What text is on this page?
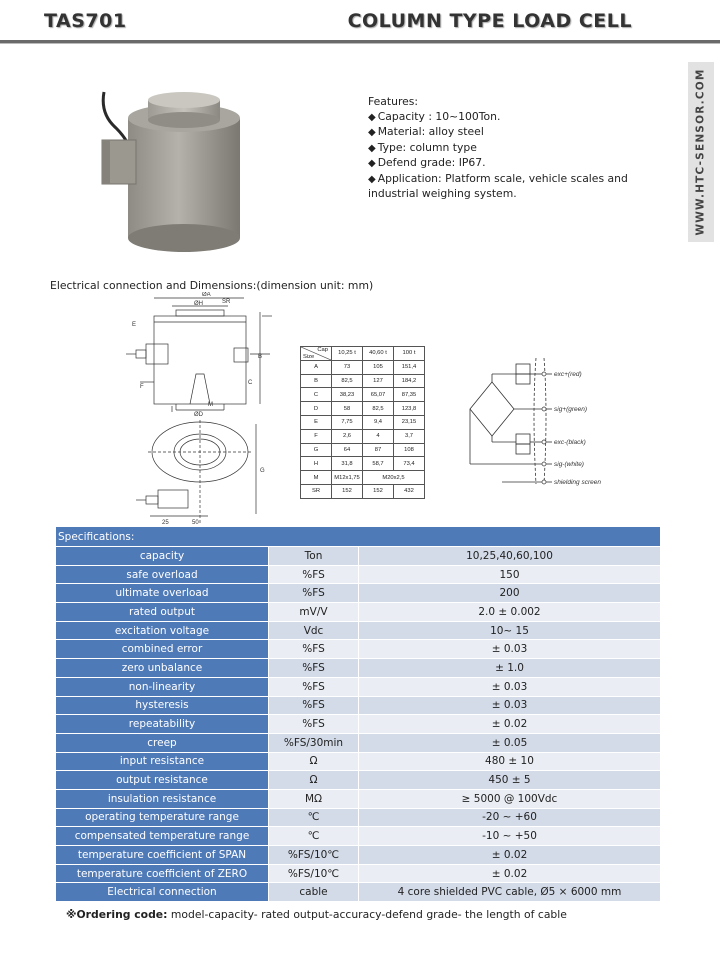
TAS701	COLUMN TYPE LOAD CELL
WWW.HTC-SENSOR.COM
Features:
◆ Capacity : 10~100Ton.
◆ Material: alloy steel
◆ Type: column type
◆ Defend grade: IP67.
◆ Application: Platform scale, vehicle scales and industrial weighing system.
Electrical connection and Dimensions:(dimension unit: mm)
ØA
ØH	SR
E
B
C
F
M
ØD
G
25	50
Cap
Size	10,25 t	40,60 t	100 t
A	73	105	151,4
B	82,5	127	184,2
C	38,23	65,07	87,35
D	58	82,5	123,8
E	7,75	9,4	23,15
F	2,6	4	3,7
G	64	87	108
H	31,8	58,7	73,4
M	M12x1,75	M20x2,5	
SR	152	152	432
exc+(red)
sig+(green)
exc-(black)
sig-(white)
shielding screen
Specifications:		
capacity	Ton	10,25,40,60,100
safe overload	%FS	150
ultimate overload	%FS	200
rated output	mV/V	2.0 ± 0.002
excitation voltage	Vdc	10~ 15
combined error	%FS	± 0.03
zero unbalance	%FS	± 1.0
non-linearity	%FS	± 0.03
hysteresis	%FS	± 0.03
repeatability	%FS	± 0.02
creep	%FS/30min	± 0.05
input resistance	Ω	480 ± 10
output resistance	Ω	450 ± 5
insulation resistance	MΩ	≥ 5000 @ 100Vdc
operating temperature range	℃	-20 ~ +60
compensated temperature range	℃	-10 ~ +50
temperature coefficient of SPAN	%FS/10℃	± 0.02
temperature coefficient of ZERO	%FS/10℃	± 0.02
Electrical connection	cable	4 core shielded PVC cable, Ø5 × 6000 mm
※Ordering code: model-capacity- rated output-accuracy-defend grade- the length of cable
